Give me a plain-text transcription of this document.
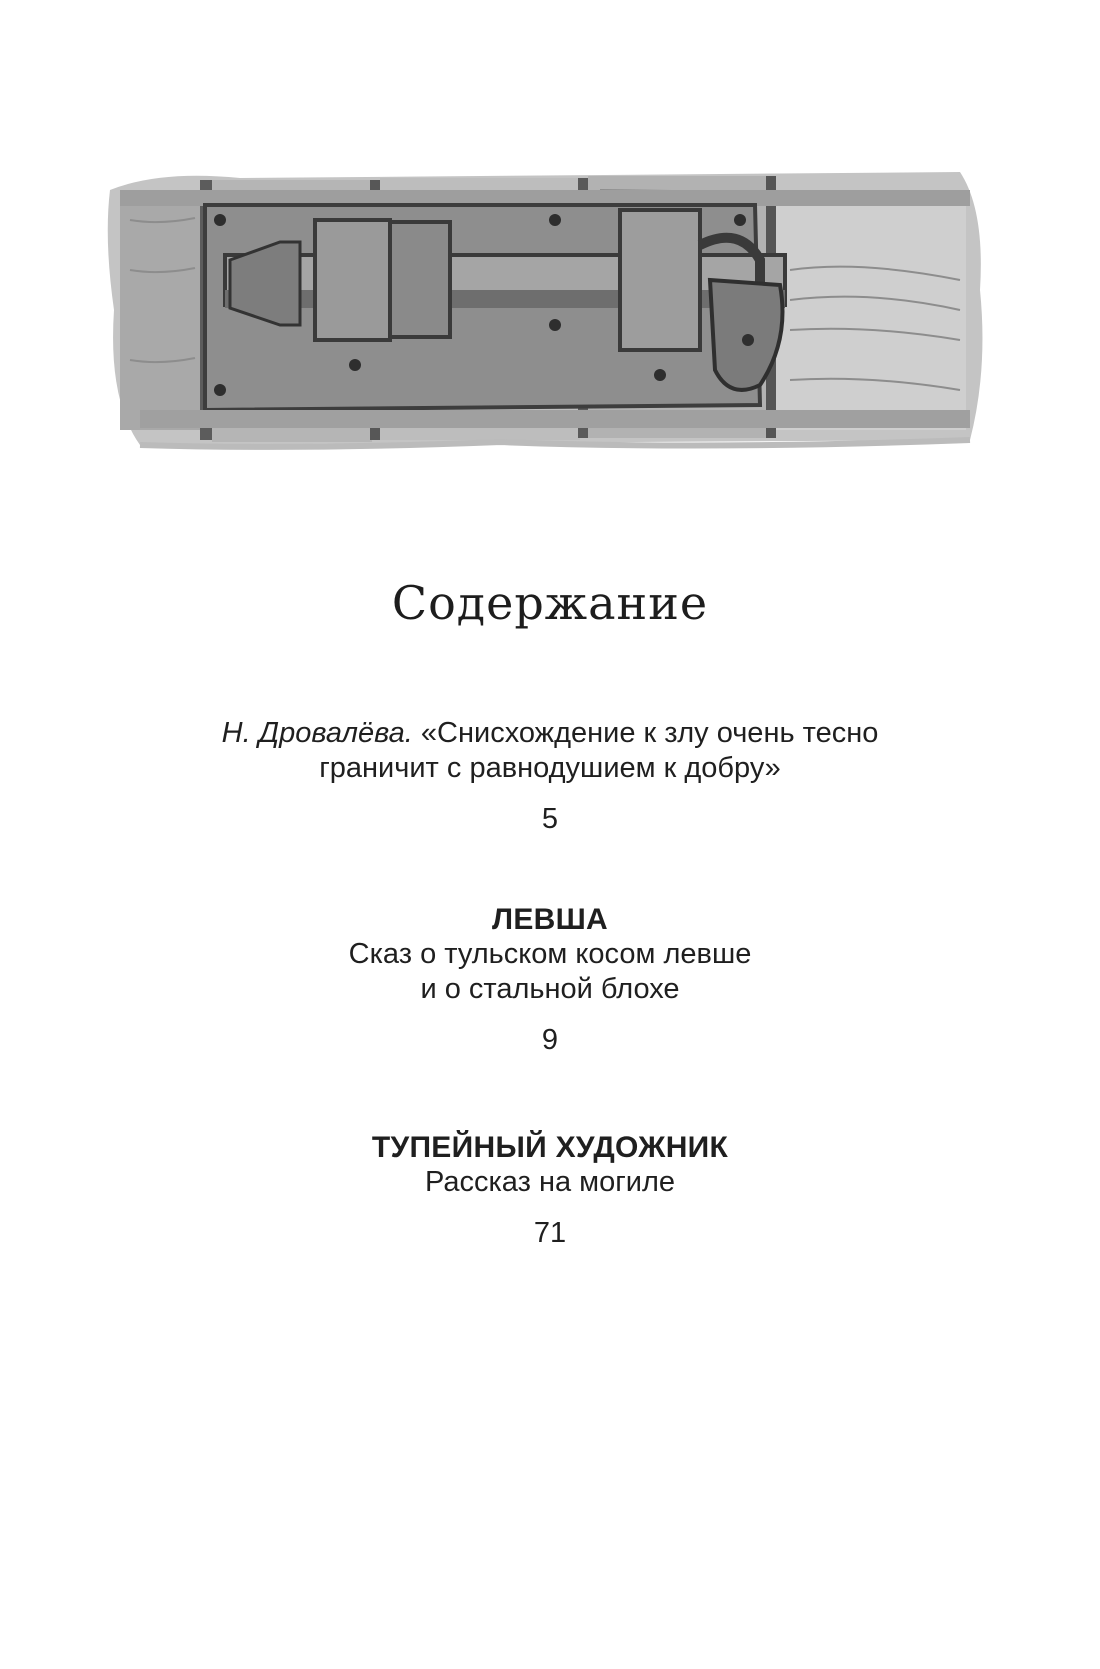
Содержание
Н. Дровалёва. «Снисхождение к злу очень тесно
граничит с равнодушием к добру»
5
ЛЕВША
Сказ о тульском косом левше
и о стальной блохе
9
ТУПЕЙНЫЙ ХУДОЖНИК
Рассказ на могиле
71
